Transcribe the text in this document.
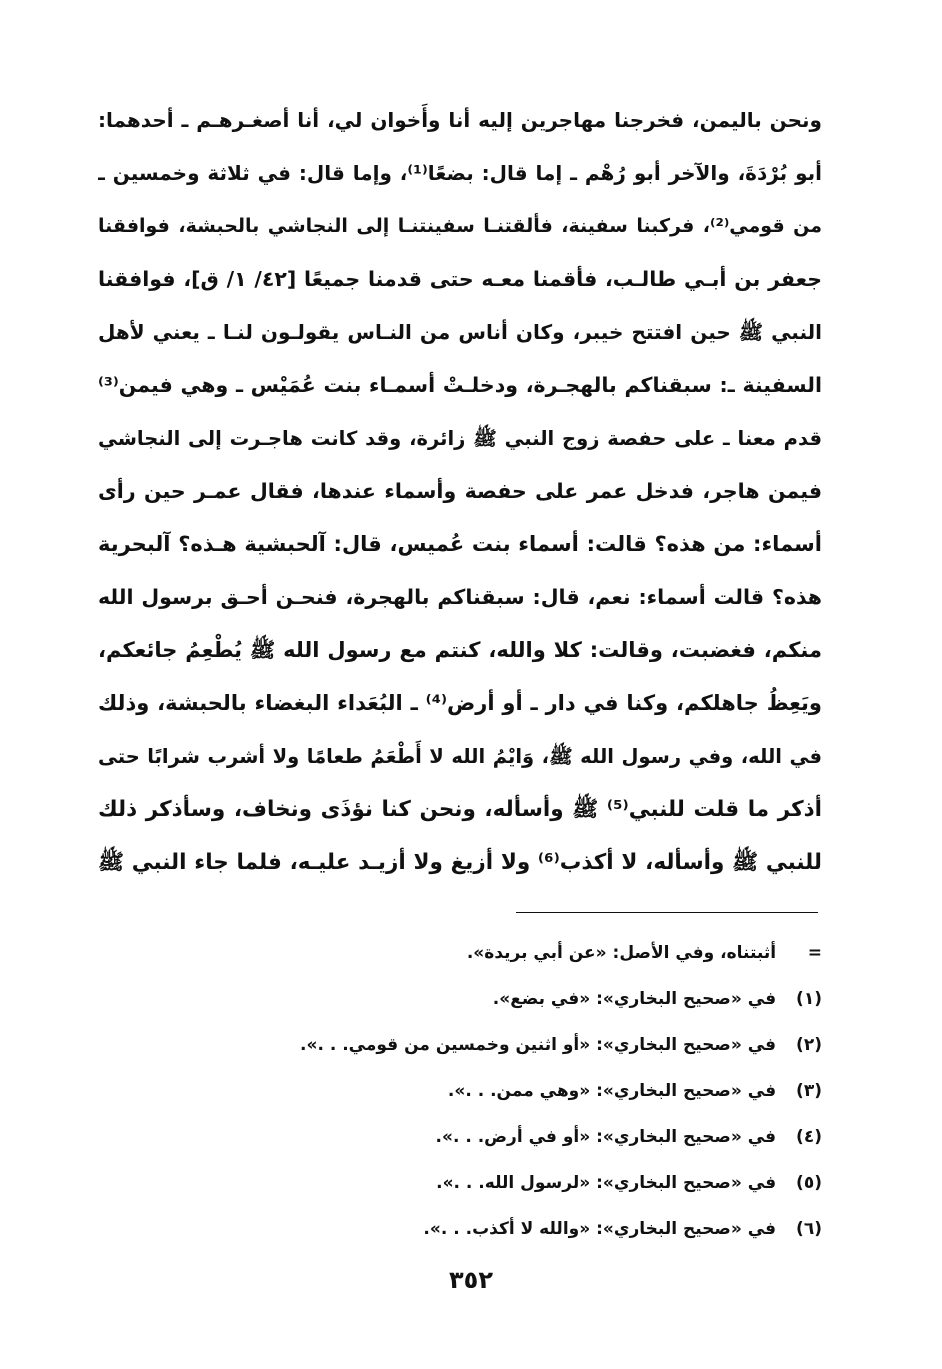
ونحن باليمن، فخرجنا مهاجرين إليه أنا وأَخوان لي، أنا أصغـرهـم ـ أحدهما:
أبو بُرْدَةَ، والآخر أبو رُهْم ـ إما قال: بضعًا⁽¹⁾، وإما قال: في ثلاثة وخمسين ـ
من قومي⁽²⁾، فركبنا سفينة، فألقتنـا سفينتنـا إلى النجاشي بالحبشة، فوافقنا
جعفر بن أبـي طالـب، فأقمنا معـه حتى قدمنا جميعًا [٤٢/ ١/ ق]، فوافقنا
النبي ﷺ حين افتتح خيبر، وكان أناس من النـاس يقولـون لنـا ـ يعني لأهل
السفينة ـ: سبقناكم بالهجـرة، ودخلـتْ أسمـاء بنت عُمَيْس ـ وهي فيمن⁽³⁾
قدم معنا ـ على حفصة زوج النبي ﷺ زائرة، وقد كانت هاجـرت إلى النجاشي
فيمن هاجر، فدخل عمر على حفصة وأسماء عندها، فقال عمـر حين رأى
أسماء: من هذه؟ قالت: أسماء بنت عُميس، قال: آلحبشية هـذه؟ آلبحرية
هذه؟ قالت أسماء: نعم، قال: سبقناكم بالهجرة، فنحـن أحـق برسول الله
منكم، فغضبت، وقالت: كلا والله، كنتم مع رسول الله ﷺ يُطْعِمُ جائعكم،
ويَعِظُ جاهلكم، وكنا في دار ـ أو أرض⁽⁴⁾ ـ البُعَداء البغضاء بالحبشة، وذلك
في الله، وفي رسول الله ﷺ، وَايْمُ الله لا أَطْعَمُ طعامًا ولا أشرب شرابًا حتى
أذكر ما قلت للنبي⁽⁵⁾ ﷺ وأسأله، ونحن كنا نؤذَى ونخاف، وسأذكر ذلك
للنبي ﷺ وأسأله، لا أكذب⁽⁶⁾ ولا أزيغ ولا أزيـد عليـه، فلما جاء النبي ﷺ
= أثبتناه، وفي الأصل: «عن أبي بريدة».
(١) في «صحيح البخاري»: «في بضع».
(٢) في «صحيح البخاري»: «أو اثنين وخمسين من قومي. . .».
(٣) في «صحيح البخاري»: «وهي ممن. . .».
(٤) في «صحيح البخاري»: «أو في أرض. . .».
(٥) في «صحيح البخاري»: «لرسول الله. . .».
(٦) في «صحيح البخاري»: «والله لا أكذب. . .».
٣٥٢
